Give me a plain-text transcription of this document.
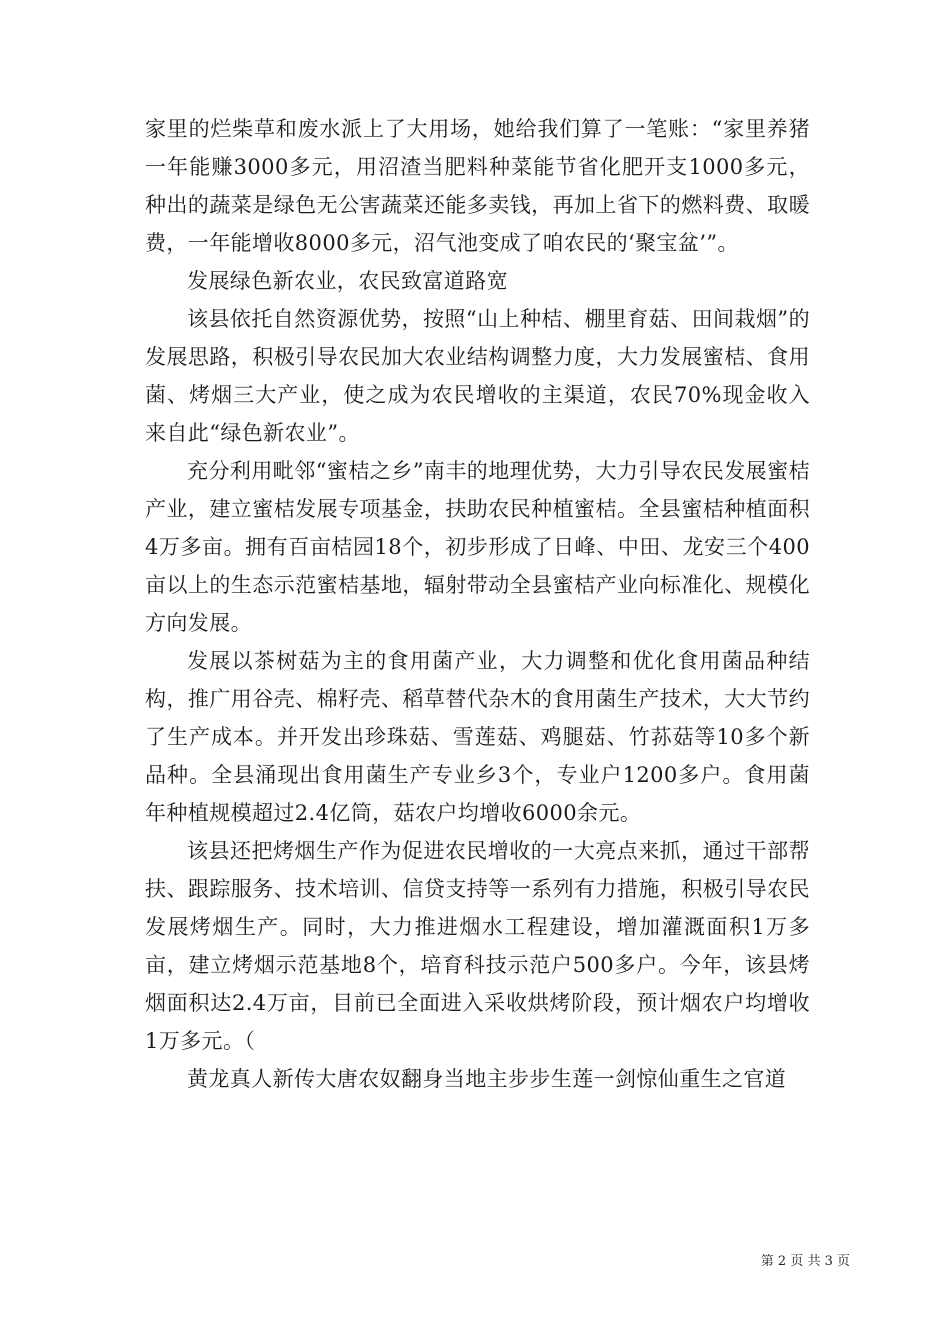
家里的烂柴草和废水派上了大用场，她给我们算了一笔账：“家里养猪一年能赚3000多元，用沼渣当肥料种菜能节省化肥开支1000多元，种出的蔬菜是绿色无公害蔬菜还能多卖钱，再加上省下的燃料费、取暖费，一年能增收8000多元，沼气池变成了咱农民的‘聚宝盆’”。

发展绿色新农业，农民致富道路宽

该县依托自然资源优势，按照“山上种桔、棚里育菇、田间栽烟”的发展思路，积极引导农民加大农业结构调整力度，大力发展蜜桔、食用菌、烤烟三大产业，使之成为农民增收的主渠道，农民70%现金收入来自此“绿色新农业”。

充分利用毗邻“蜜桔之乡”南丰的地理优势，大力引导农民发展蜜桔产业，建立蜜桔发展专项基金，扶助农民种植蜜桔。全县蜜桔种植面积4万多亩。拥有百亩桔园18个，初步形成了日峰、中田、龙安三个400亩以上的生态示范蜜桔基地，辐射带动全县蜜桔产业向标准化、规模化方向发展。

发展以茶树菇为主的食用菌产业，大力调整和优化食用菌品种结构，推广用谷壳、棉籽壳、稻草替代杂木的食用菌生产技术，大大节约了生产成本。并开发出珍珠菇、雪莲菇、鸡腿菇、竹荪菇等10多个新品种。全县涌现出食用菌生产专业乡3个，专业户1200多户。食用菌年种植规模超过2.4亿筒，菇农户均增收6000余元。

该县还把烤烟生产作为促进农民增收的一大亮点来抓，通过干部帮扶、跟踪服务、技术培训、信贷支持等一系列有力措施，积极引导农民发展烤烟生产。同时，大力推进烟水工程建设，增加灌溉面积1万多亩，建立烤烟示范基地8个，培育科技示范户500多户。今年，该县烤烟面积达2.4万亩，目前已全面进入采收烘烤阶段，预计烟农户均增收1万多元。（

黄龙真人新传大唐农奴翻身当地主步步生莲一剑惊仙重生之官道

第 2 页 共 3 页
